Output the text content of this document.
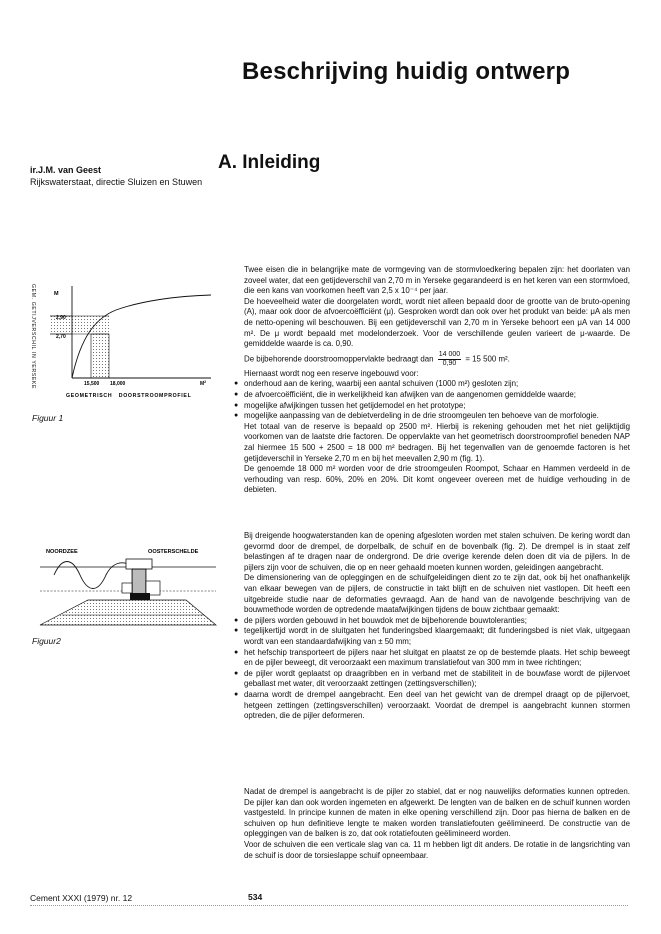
Beschrijving huidig ontwerp
ir.J.M. van Geest
Rijkswaterstaat, directie Sluizen en Stuwen
A. Inleiding
GEM. GETIJVERSCHIL IN YERSEKE	M
2,90
2,70
15,500 18,000	$M^2$
GEOMETRISCH   DOORSTROOMPROFIEL
Figuur 1
NOORDZEE	OOSTERSCHELDE
Figuur2

Twee eisen die in belangrijke mate de vormgeving van de stormvloedkering bepalen zijn: het doorlaten van zoveel water, dat een getijdeverschil van 2,70 m in Yerseke gegarandeerd is en het keren van een stormvloed, die een kans van voorkomen heeft van 2,5 x 10⁻⁴ per jaar.

De hoeveelheid water die doorgelaten wordt, wordt niet alleen bepaald door de grootte van de bruto-opening (A), maar ook door de afvoercoëfficiënt (μ). Gesproken wordt dan ook over het produkt van beide: μA als men de netto-opening wil beschouwen. Bij een getijdeverschil van 2,70 m in Yerseke behoort een μA van 14 000 m². De μ wordt bepaald met modelonderzoek. Voor de verschillende geulen varieert de μ-waarde. De gemiddelde waarde is ca. 0,90.

De bijbehorende doorstroomoppervlakte bedraagt dan $\frac{14 000}{0,90} = 15$ 500 m².

Hiernaast wordt nog een reserve ingebouwd voor:

● onderhoud aan de kering, waarbij een aantal schuiven (1000 m²) gesloten zijn;
● de afvoercoëfficiënt, die in werkelijkheid kan afwijken van de aangenomen gemiddelde waarde;
● mogelijke afwijkingen tussen het getijdemodel en het prototype;
● mogelijke aanpassing van de debietverdeling in de drie stroomgeulen ten behoeve van de morfologie.

Het totaal van de reserve is bepaald op 2500 m². Hierbij is rekening gehouden met het niet gelijktijdig voorkomen van de laatste drie factoren. De oppervlakte van het geometrisch doorstroomprofiel beneden NAP zal hiermee 15 500 + 2500 = 18 000 m² bedragen. Bij het tegenvallen van de genoemde factoren is het getijdeverschil in Yerseke 2,70 m en bij het meevallen 2,90 m (fig. 1).

De genoemde 18 000 m² worden voor de drie stroomgeulen Roompot, Schaar en Hammen verdeeld in de verhouding van resp. 60%, 20% en 20%. Dit komt ongeveer overeen met de huidige verhouding in de debieten.

Bij dreigende hoogwaterstanden kan de opening afgesloten worden met stalen schuiven. De kering wordt dan gevormd door de drempel, de dorpelbalk, de schuif en de bovenbalk (fig. 2). De drempel is in staat zelf belastingen af te dragen naar de ondergrond. De drie overige kerende delen doen dit via de pijlers. In de pijlers zijn voor de schuiven, die op en neer gehaald moeten kunnen worden, geleidingen aangebracht.

De dimensionering van de opleggingen en de schuifgeleidingen dient zo te zijn dat, ook bij het onafhankelijk van elkaar bewegen van de pijlers, de constructie in takt blijft en de schuiven niet vastlopen. Dit heeft een uitgebreide studie naar de deformaties gevraagd. Aan de hand van de navolgende beschrijving van de bouwmethode worden de optredende maatafwijkingen tijdens de bouw zichtbaar gemaakt:

● de pijlers worden gebouwd in het bouwdok met de bijbehorende bouwtoleranties;
● tegelijkertijd wordt in de sluitgaten het funderingsbed klaargemaakt; dit funderingsbed is niet vlak, uitgegaan wordt van een standaardafwijking van ± 50 mm;
● het hefschip transporteert de pijlers naar het sluitgat en plaatst ze op de bestemde plaats. Het schip beweegt en de pijler beweegt, dit veroorzaakt een maximum translatiefout van 300 mm in twee richtingen;
● de pijler wordt geplaatst op draagribben en in verband met de stabiliteit in de bouwfase wordt de pijlervoet geballast met water, dit veroorzaakt zettingen (zettingsverschillen);
● daarna wordt de drempel aangebracht. Een deel van het gewicht van de drempel draagt op de pijlervoet, hetgeen zettingen (zettingsverschillen) veroorzaakt. Voordat de drempel is aangebracht kunnen stormen optreden, die de pijler deformeren.

Nadat de drempel is aangebracht is de pijler zo stabiel, dat er nog nauwelijks deformaties kunnen optreden. De pijler kan dan ook worden ingemeten en afgewerkt. De lengten van de balken en de schuif kunnen worden vastgesteld. In principe kunnen de maten in elke opening verschillend zijn. Door pas hierna de balken en de schuiven op hun definitieve lengte te maken worden translatiefouten geëlimineerd. De constructie van de opleggingen van de balken is zo, dat ook rotatiefouten geëlimineerd worden.

Voor de schuiven die een verticale slag van ca. 11 m hebben ligt dit anders. De rotatie in de langsrichting van de schuif is door de torsieslappe schuif opneembaar.

Cement XXXI (1979) nr. 12	534
